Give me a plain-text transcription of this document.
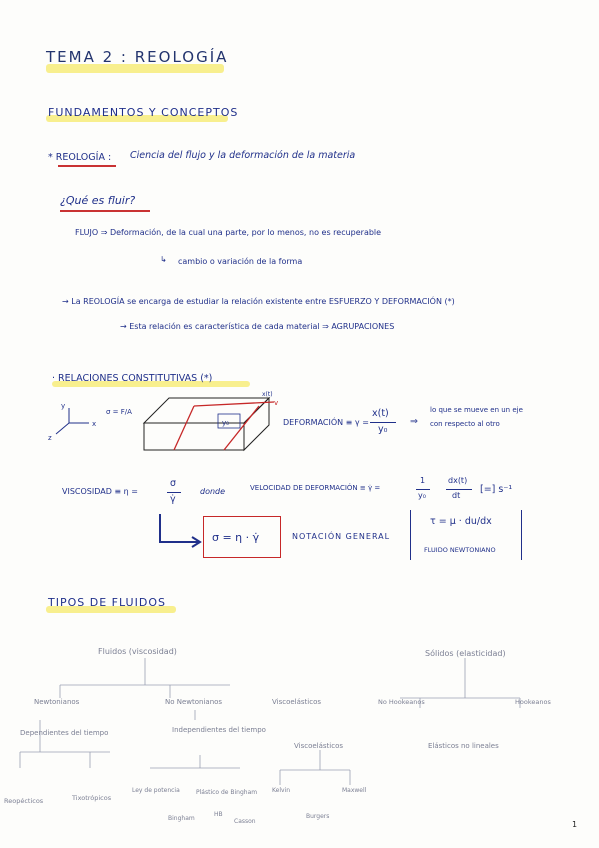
TEMA 2 : REOLOGÍA
FUNDAMENTOS Y CONCEPTOS
* REOLOGÍA : Ciencia del flujo y la deformación de la materia
¿Qué es fluir?
FLUJO ⇒ Deformación, de la cual una parte, por lo menos, no es recuperable
↳ cambio o variación de la forma
→ La REOLOGÍA se encarga de estudiar la relación existente entre ESFUERZO Y DEFORMACIÓN (*)
→ Esta relación es característica de cada material ⇒ AGRUPACIONES
· RELACIONES CONSTITUTIVAS (*)
y
x
z
σ = F/A
x(t)
v
y₀	DEFORMACIÓN ≡ γ =
x(t)
y₀
⇒
lo que se mueve en un eje
con respecto al otro
VISCOSIDAD ≡ η =
σ
γ̇
donde	VELOCIDAD DE DEFORMACIÓN ≡ γ̇ =
1
y₀
dx(t)
dt
[=] s⁻¹
σ = η · γ̇	NOTACIÓN GENERAL
τ = μ · du/dx
FLUIDO NEWTONIANO
TIPOS DE FLUIDOS
Fluidos (viscosidad)	Sólidos (elasticidad)
Newtonianos	No Newtonianos	Viscoelásticos	No Hookeanos	Hookeanos
Dependientes del tiempo	Independientes del tiempo
Viscoelásticos	Elásticos no lineales
Reopécticos	Tixotrópicos
Ley de potencia	Plástico de Bingham Kelvin	Maxwell
Burgers
Bingham	Casson
HB
1
